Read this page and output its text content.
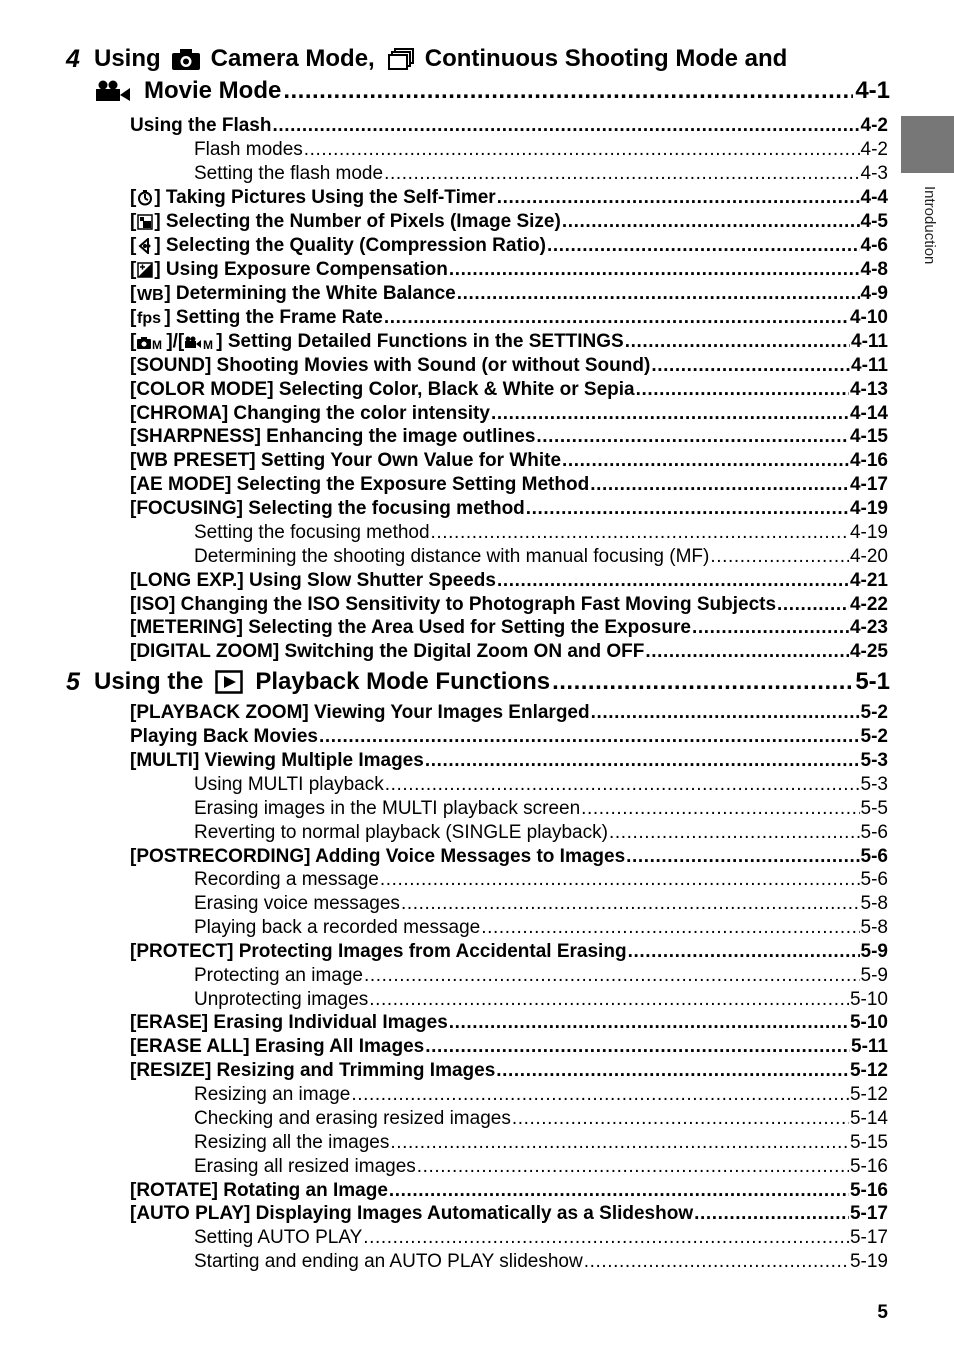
4 Using Camera Mode, Continuous Shooting Mode and
Movie Mode .....	4-1
Using the Flash .....	4-2
Flash modes .....	4-2
Setting the flash mode .....	4-3
[ ] Taking Pictures Using the Self-Timer .....	4-4
[ ] Selecting the Number of Pixels (Image Size) .....	4-5
[ ] Selecting the Quality (Compression Ratio) .....	4-6
[ ] Using Exposure Compensation .....	4-8
[ WB ] Determining the White Balance .....	4-9
[ fps ] Setting the Frame Rate .....	4-10
[ M ]/[ M ] Setting Detailed Functions in the SETTINGS .....	4-11
[SOUND] Shooting Movies with Sound (or without Sound) .....	4-11
[COLOR MODE] Selecting Color, Black & White or Sepia .....	4-13
[CHROMA] Changing the color intensity .....	4-14
[SHARPNESS] Enhancing the image outlines .....	4-15
[WB PRESET] Setting Your Own Value for White .....	4-16
[AE MODE] Selecting the Exposure Setting Method .....	4-17
[FOCUSING] Selecting the focusing method .....	4-19
Setting the focusing method .....	4-19
Determining the shooting distance with manual focusing (MF) .....	4-20
[LONG EXP.] Using Slow Shutter Speeds .....	4-21
[ISO] Changing the ISO Sensitivity to Photograph Fast Moving Subjects .....	4-22
[METERING] Selecting the Area Used for Setting the Exposure .....	4-23
[DIGITAL ZOOM] Switching the Digital Zoom ON and OFF .....	4-25
5 Using the Playback Mode Functions .....	5-1
[PLAYBACK ZOOM] Viewing Your Images Enlarged .....	5-2
Playing Back Movies .....	5-2
[MULTI] Viewing Multiple Images .....	5-3
Using MULTI playback .....	5-3
Erasing images in the MULTI playback screen .....	5-5
Reverting to normal playback (SINGLE playback) .....	5-6
[POSTRECORDING] Adding Voice Messages to Images .....	5-6
Recording a message .....	5-6
Erasing voice messages .....	5-8
Playing back a recorded message .....	5-8
[PROTECT] Protecting Images from Accidental Erasing .....	5-9
Protecting an image .....	5-9
Unprotecting images .....	5-10
[ERASE] Erasing Individual Images .....	5-10
[ERASE ALL] Erasing All Images .....	5-11
[RESIZE] Resizing and Trimming Images .....	5-12
Resizing an image .....	5-12
Checking and erasing resized images .....	5-14
Resizing all the images .....	5-15
Erasing all resized images .....	5-16
[ROTATE] Rotating an Image .....	5-16
[AUTO PLAY] Displaying Images Automatically as a Slideshow .....	5-17
Setting AUTO PLAY .....	5-17
Starting and ending an AUTO PLAY slideshow .....	5-19
Introduction
5
